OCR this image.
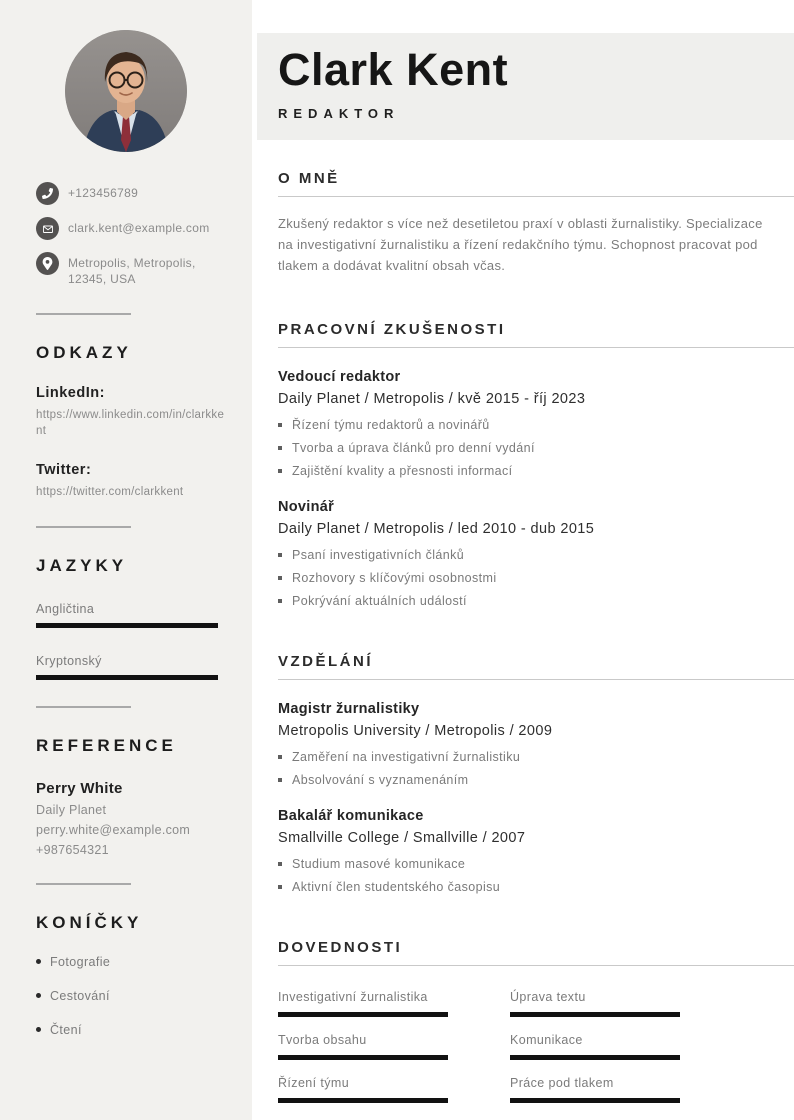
+123456789
clark.kent@example.com
Metropolis, Metropolis,
12345, USA
ODKAZY
LinkedIn:
https://www.linkedin.com/in/clarkkent
Twitter:
https://twitter.com/clarkkent
JAZYKY
Angličtina
Kryptonský
REFERENCE
Perry White
Daily Planet
perry.white@example.com
+987654321
KONÍČKY
Fotografie
Cestování
Čtení
Clark Kent
REDAKTOR
O MNĚ

Zkušený redaktor s více než desetiletou praxí v oblasti žurnalistiky. Specializace na investigativní žurnalistiku a řízení redakčního týmu. Schopnost pracovat pod tlakem a dodávat kvalitní obsah včas.

PRACOVNÍ ZKUŠENOSTI
Vedoucí redaktor
Daily Planet / Metropolis / kvě 2015 - říj 2023
Řízení týmu redaktorů a novinářů
Tvorba a úprava článků pro denní vydání
Zajištění kvality a přesnosti informací
Novinář
Daily Planet / Metropolis / led 2010 - dub 2015
Psaní investigativních článků
Rozhovory s klíčovými osobnostmi
Pokrývání aktuálních událostí
VZDĚLÁNÍ
Magistr žurnalistiky
Metropolis University / Metropolis / 2009
Zaměření na investigativní žurnalistiku
Absolvování s vyznamenáním
Bakalář komunikace
Smallville College / Smallville / 2007
Studium masové komunikace
Aktivní člen studentského časopisu
DOVEDNOSTI
Investigativní žurnalistika	Úprava textu
Tvorba obsahu	Komunikace
Řízení týmu	Práce pod tlakem
